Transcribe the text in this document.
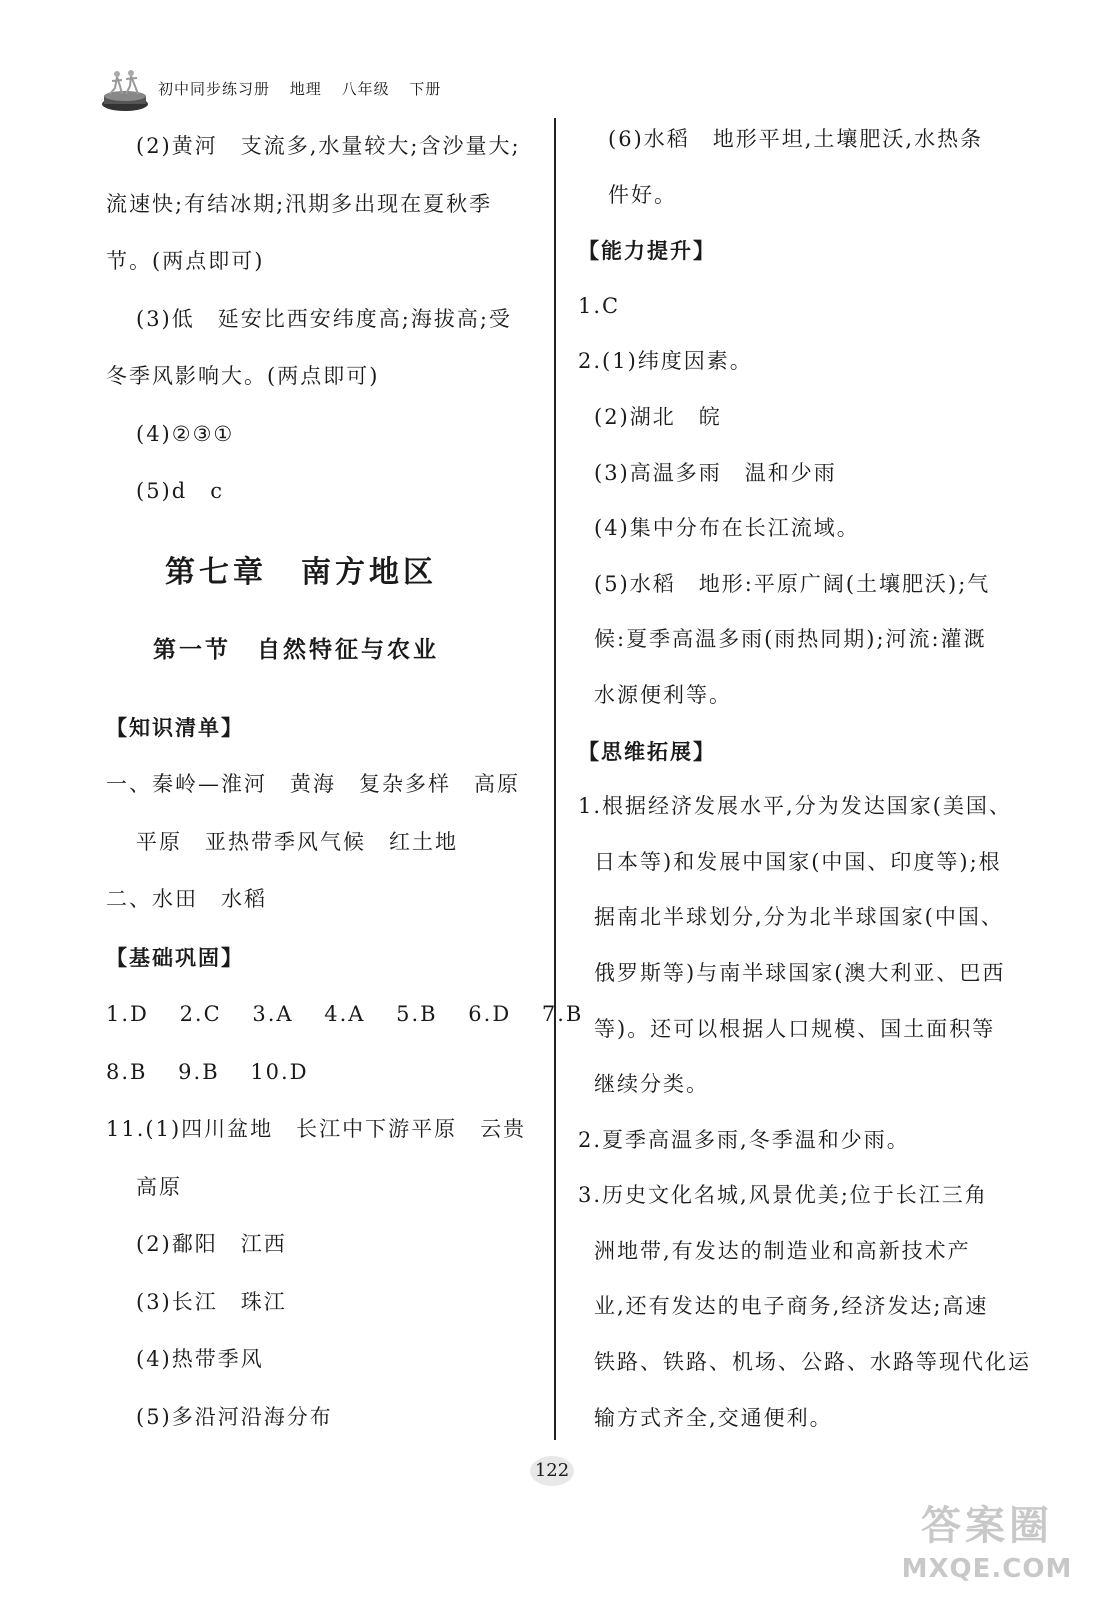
初中同步练习册 地理 八年级 下册
(2)黄河　支流多,水量较大;含沙量大;
流速快;有结冰期;汛期多出现在夏秋季
节。(两点即可)
(3)低　延安比西安纬度高;海拔高;受
冬季风影响大。(两点即可)
(4)②③①
(5)d　c
第七章　南方地区
第一节　自然特征与农业
【知识清单】
一、秦岭—淮河　黄海　复杂多样　高原
平原　亚热带季风气候　红土地
二、水田　水稻
【基础巩固】
1.D 2.C 3.A 4.A 5.B 6.D 7.B
8.B 9.B 10.D
11.(1)四川盆地　长江中下游平原　云贵
高原
(2)鄱阳　江西
(3)长江　珠江
(4)热带季风
(5)多沿河沿海分布
(6)水稻　地形平坦,土壤肥沃,水热条
件好。
【能力提升】
1.C
2.(1)纬度因素。
(2)湖北　皖
(3)高温多雨　温和少雨
(4)集中分布在长江流域。
(5)水稻　地形:平原广阔(土壤肥沃);气
候:夏季高温多雨(雨热同期);河流:灌溉
水源便利等。
【思维拓展】
1.根据经济发展水平,分为发达国家(美国、
日本等)和发展中国家(中国、印度等);根
据南北半球划分,分为北半球国家(中国、
俄罗斯等)与南半球国家(澳大利亚、巴西
等)。还可以根据人口规模、国土面积等
继续分类。
2.夏季高温多雨,冬季温和少雨。
3.历史文化名城,风景优美;位于长江三角
洲地带,有发达的制造业和高新技术产
业,还有发达的电子商务,经济发达;高速
铁路、铁路、机场、公路、水路等现代化运
输方式齐全,交通便利。
122
答案圈
MXQE.COM
